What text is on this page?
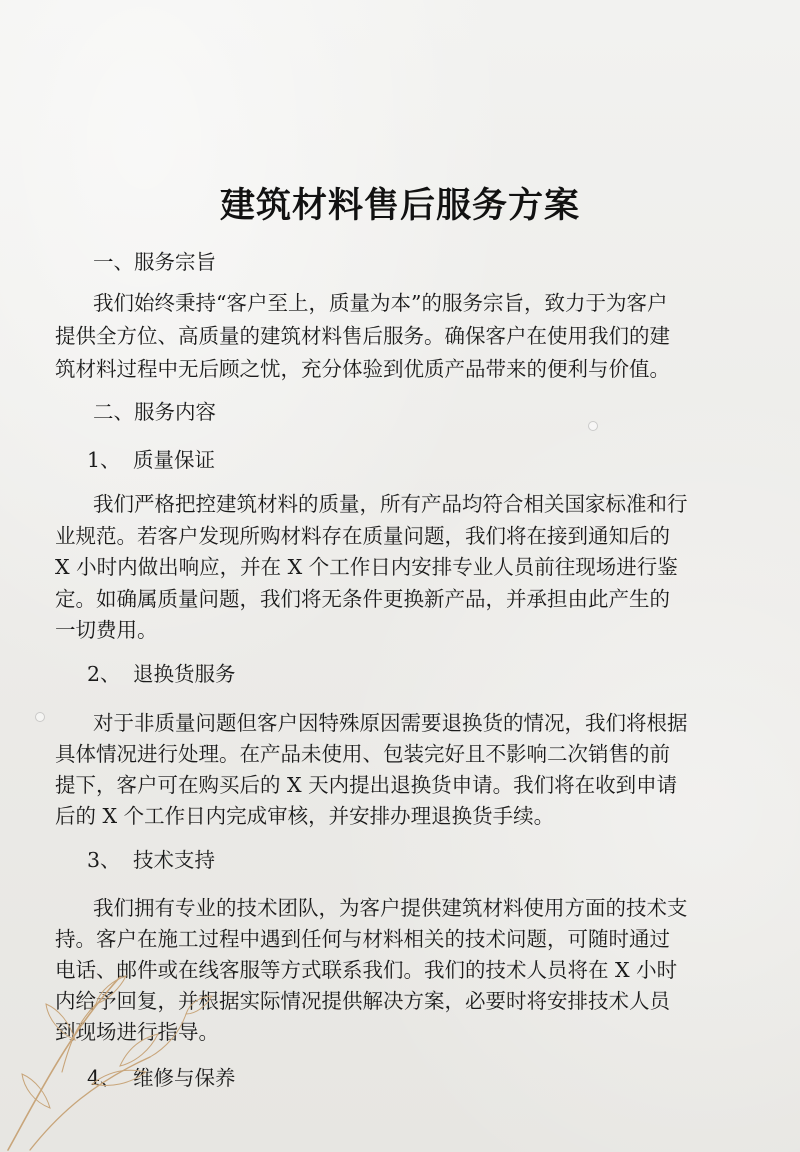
建筑材料售后服务方案

一、服务宗旨

我们始终秉持“客户至上，质量为本”的服务宗旨，致力于为客户

提供全方位、高质量的建筑材料售后服务。确保客户在使用我们的建

筑材料过程中无后顾之忧，充分体验到优质产品带来的便利与价值。

二、服务内容

1、 质量保证

我们严格把控建筑材料的质量，所有产品均符合相关国家标准和行

业规范。若客户发现所购材料存在质量问题，我们将在接到通知后的

X 小时内做出响应，并在 X 个工作日内安排专业人员前往现场进行鉴

定。如确属质量问题，我们将无条件更换新产品，并承担由此产生的

一切费用。

2、 退换货服务

对于非质量问题但客户因特殊原因需要退换货的情况，我们将根据

具体情况进行处理。在产品未使用、包装完好且不影响二次销售的前

提下，客户可在购买后的 X 天内提出退换货申请。我们将在收到申请

后的 X 个工作日内完成审核，并安排办理退换货手续。

3、 技术支持

我们拥有专业的技术团队，为客户提供建筑材料使用方面的技术支

持。客户在施工过程中遇到任何与材料相关的技术问题，可随时通过

电话、邮件或在线客服等方式联系我们。我们的技术人员将在 X 小时

内给予回复，并根据实际情况提供解决方案，必要时将安排技术人员

到现场进行指导。

4、 维修与保养
